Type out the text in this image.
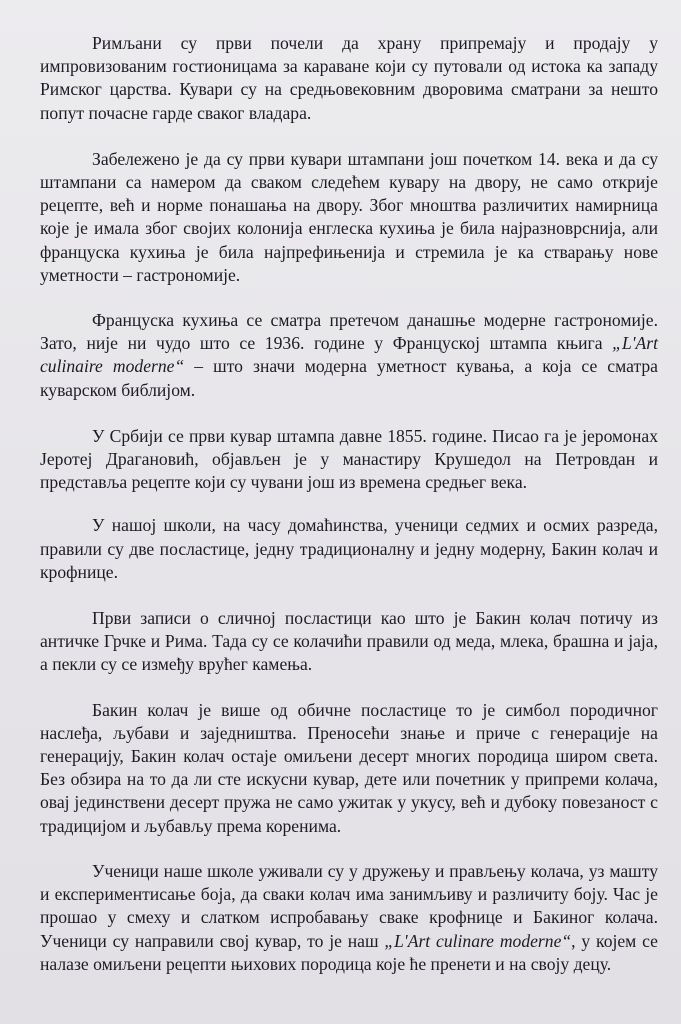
Римљани су први почели да храну припремају и продају у импровизованим гостионицама за караване који су путовали од истока ка западу Римског царства. Кувари су на средњовековним дворовима сматрани за нешто попут почасне гарде сваког владара.

Забележено је да су први кувари штампани још почетком 14. века и да су штампани са намером да сваком следећем кувару на двору, не само открије рецепте, већ и норме понашања на двору. Због мноштва различитих намирница које је имала због својих колонија енглеска кухиња је била најразноврснија, али француска кухиња је била најпрефињенија и стремила је ка стварању нове уметности – гастрономије.

Француска кухиња се сматра претечом данашње модерне гастрономије. Зато, није ни чудо што се 1936. године у Француској штампа књига „L'Art culinaire moderne“ – што значи модерна уметност кувања, а која се сматра куварском библијом.

У Србији се први кувар штампа давне 1855. године. Писао га је јеромонах Јеротеј Драгановић, објављен је у манастиру Крушедол на Петровдан и представља рецепте који су чувани још из времена средњег века.

У нашој школи, на часу домаћинства, ученици седмих и осмих разреда, правили су две посластице, једну традиционалну и једну модерну, Бакин колач и крофнице.

Први записи о сличној посластици као што је Бакин колач потичу из античке Грчке и Рима. Тада су се колачићи правили од меда, млека, брашна и јаја, а пекли су се између врућег камења.

Бакин колач је више од обичне посластице то је симбол породичног наслеђа, љубави и заједништва. Преносећи знање и приче с генерације на генерацију, Бакин колач остаје омиљени десерт многих породица широм света. Без обзира на то да ли сте искусни кувар, дете или почетник у припреми колача, овај јединствени десерт пружа не само ужитак у укусу, већ и дубоку повезаност с традицијом и љубављу према коренима.

Ученици наше школе уживали су у дружењу и прављењу колача, уз машту и експериментисање боја, да сваки колач има занимљиву и различиту боју. Час је прошао у смеху и слатком испробавању сваке крофнице и Бакиног колача. Ученици су направили свој кувар, то је наш „L'Art culinare moderne“, у којем се налазе омиљени рецепти њихових породица које ће пренети и на своју децу.
